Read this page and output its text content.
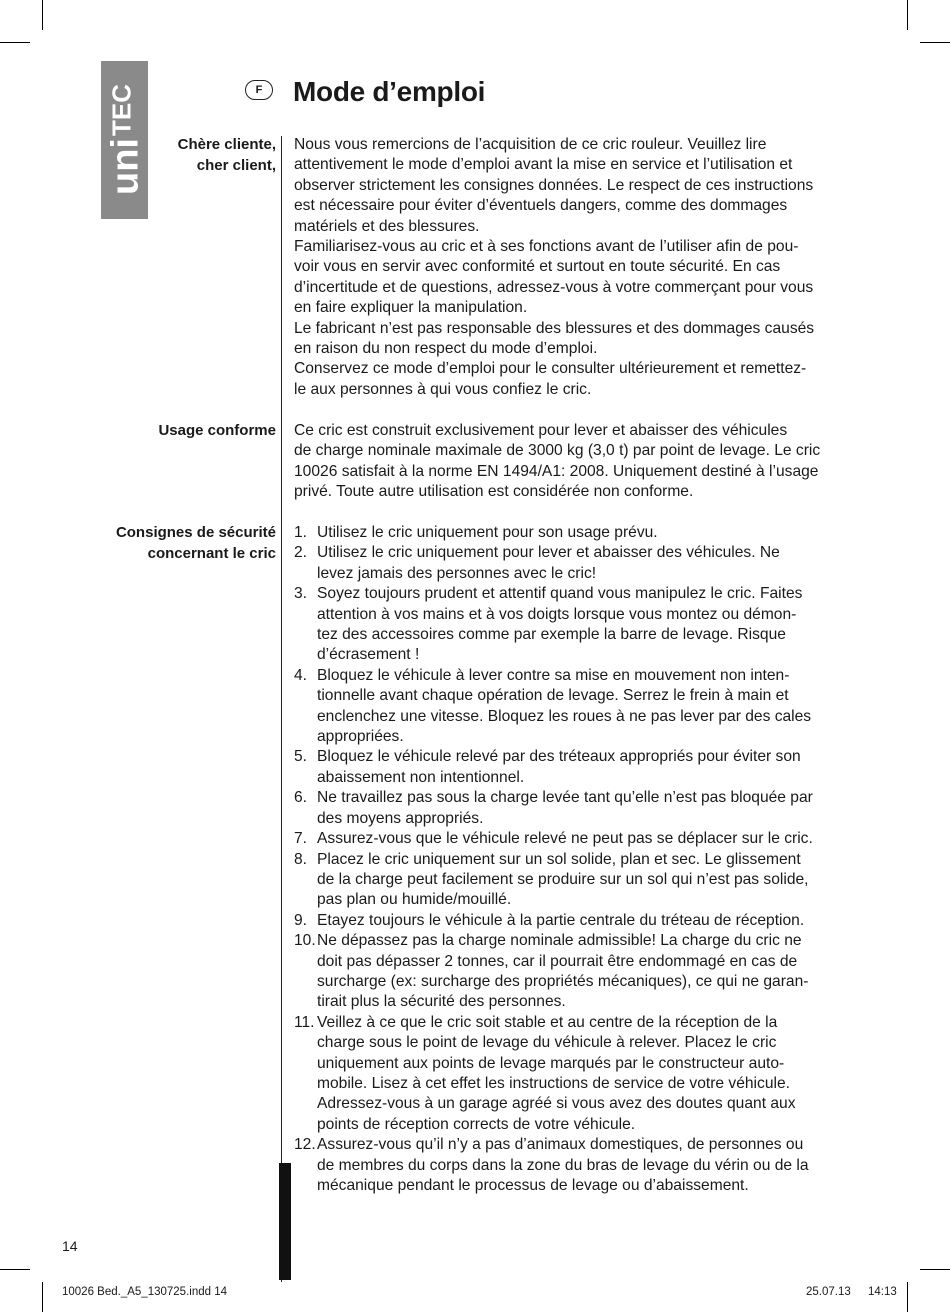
uni
TEC	F	Mode d’emploi
Chère cliente,
cher client,
Usage conforme
Consignes de sécurité
concernant le cric
Nous vous remercions de l’acquisition de ce cric rouleur. Veuillez lire
attentivement le mode d’emploi avant la mise en service et l’utilisation et
observer strictement les consignes données. Le respect de ces instructions
est nécessaire pour éviter d’éventuels dangers, comme des dommages
matériels et des blessures.
Familiarisez-vous au cric et à ses fonctions avant de l’utiliser afin de pou-
voir vous en servir avec conformité et surtout en toute sécurité. En cas
d’incertitude et de questions, adressez-vous à votre commerçant pour vous
en faire expliquer la manipulation.
Le fabricant n’est pas responsable des blessures et des dommages causés
en raison du non respect du mode d’emploi.
Conservez ce mode d’emploi pour le consulter ultérieurement et remettez-
le aux personnes à qui vous confiez le cric.
Ce cric est construit exclusivement pour lever et abaisser des véhicules
de charge nominale maximale de 3000 kg (3,0 t) par point de levage. Le cric
10026 satisfait à la norme EN 1494/A1: 2008. Uniquement destiné à l’usage
privé. Toute autre utilisation est considérée non conforme.
1. Utilisez le cric uniquement pour son usage prévu.
2. Utilisez le cric uniquement pour lever et abaisser des véhicules. Ne
levez jamais des personnes avec le cric!
3. Soyez toujours prudent et attentif quand vous manipulez le cric. Faites
attention à vos mains et à vos doigts lorsque vous montez ou démon-
tez des accessoires comme par exemple la barre de levage. Risque
d’écrasement !
4. Bloquez le véhicule à lever contre sa mise en mouvement non inten-
tionnelle avant chaque opération de levage. Serrez le frein à main et
enclenchez une vitesse. Bloquez les roues à ne pas lever par des cales
appropriées.
5. Bloquez le véhicule relevé par des tréteaux appropriés pour éviter son
abaissement non intentionnel.
6. Ne travaillez pas sous la charge levée tant qu’elle n’est pas bloquée par
des moyens appropriés.
7. Assurez-vous que le véhicule relevé ne peut pas se déplacer sur le cric.
8. Placez le cric uniquement sur un sol solide, plan et sec. Le glissement
de la charge peut facilement se produire sur un sol qui n’est pas solide,
pas plan ou humide/mouillé.
9. Etayez toujours le véhicule à la partie centrale du tréteau de réception.
10. Ne dépassez pas la charge nominale admissible! La charge du cric ne
doit pas dépasser 2 tonnes, car il pourrait être endommagé en cas de
surcharge (ex: surcharge des propriétés mécaniques), ce qui ne garan-
tirait plus la sécurité des personnes.
11. Veillez à ce que le cric soit stable et au centre de la réception de la
charge sous le point de levage du véhicule à relever. Placez le cric
uniquement aux points de levage marqués par le constructeur auto-
mobile. Lisez à cet effet les instructions de service de votre véhicule.
Adressez-vous à un garage agréé si vous avez des doutes quant aux
points de réception corrects de votre véhicule.
12. Assurez-vous qu’il n’y a pas d’animaux domestiques, de personnes ou
de membres du corps dans la zone du bras de levage du vérin ou de la
mécanique pendant le processus de levage ou d’abaissement.
14
10026 Bed._A5_130725.indd 14	25.07.13 14:13
